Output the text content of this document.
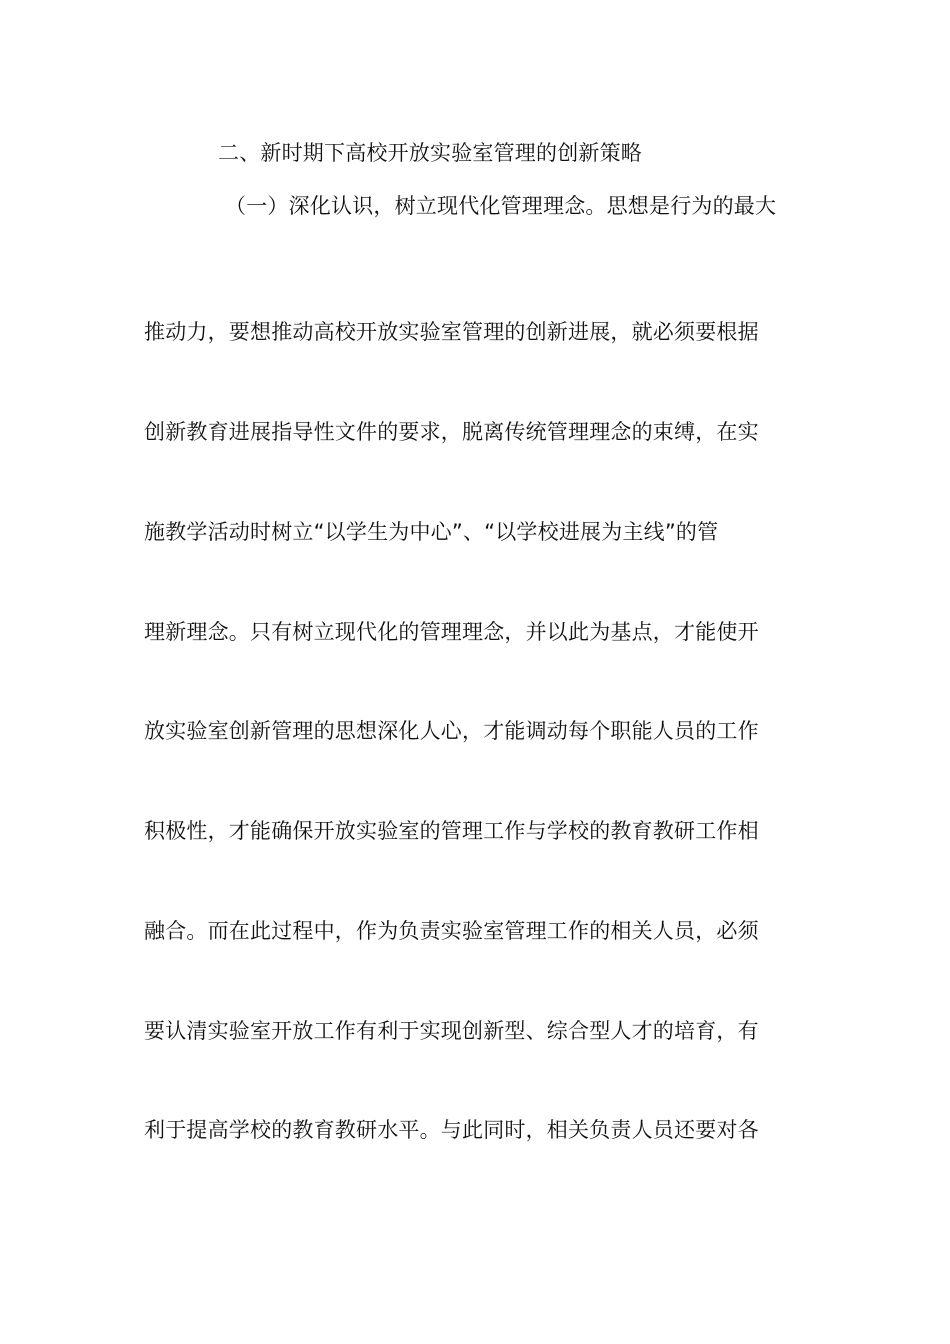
二、新时期下高校开放实验室管理的创新策略
（一）深化认识，树立现代化管理理念。思想是行为的最大
推动力，要想推动高校开放实验室管理的创新进展，就必须要根据
创新教育进展指导性文件的要求，脱离传统管理理念的束缚，在实
施教学活动时树立“以学生为中心”、“以学校进展为主线”的管
理新理念。只有树立现代化的管理理念，并以此为基点，才能使开
放实验室创新管理的思想深化人心，才能调动每个职能人员的工作
积极性，才能确保开放实验室的管理工作与学校的教育教研工作相
融合。而在此过程中，作为负责实验室管理工作的相关人员，必须
要认清实验室开放工作有利于实现创新型、综合型人才的培育，有
利于提高学校的教育教研水平。与此同时，相关负责人员还要对各
